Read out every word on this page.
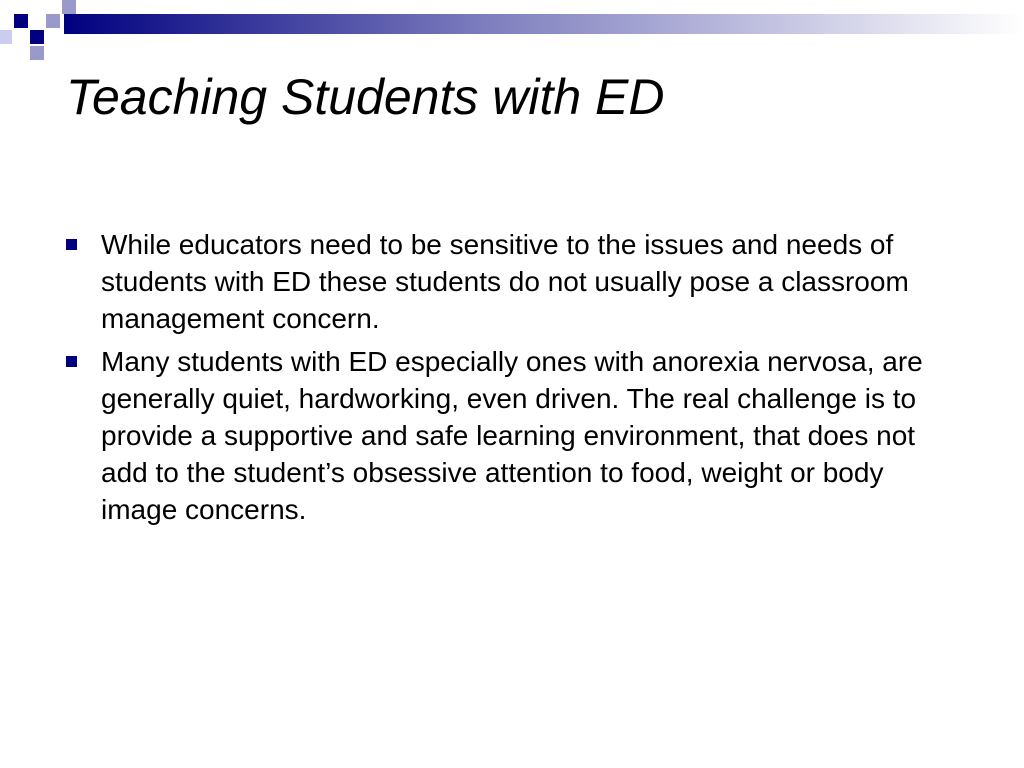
Teaching Students with ED
While educators need to be sensitive to the issues and needs of students with ED these students do not usually pose a classroom management concern.
Many students with ED especially ones with anorexia nervosa, are generally quiet, hardworking, even driven. The real challenge is to provide a supportive and safe learning environment, that does not add to the student’s obsessive attention to food, weight or body image concerns.
